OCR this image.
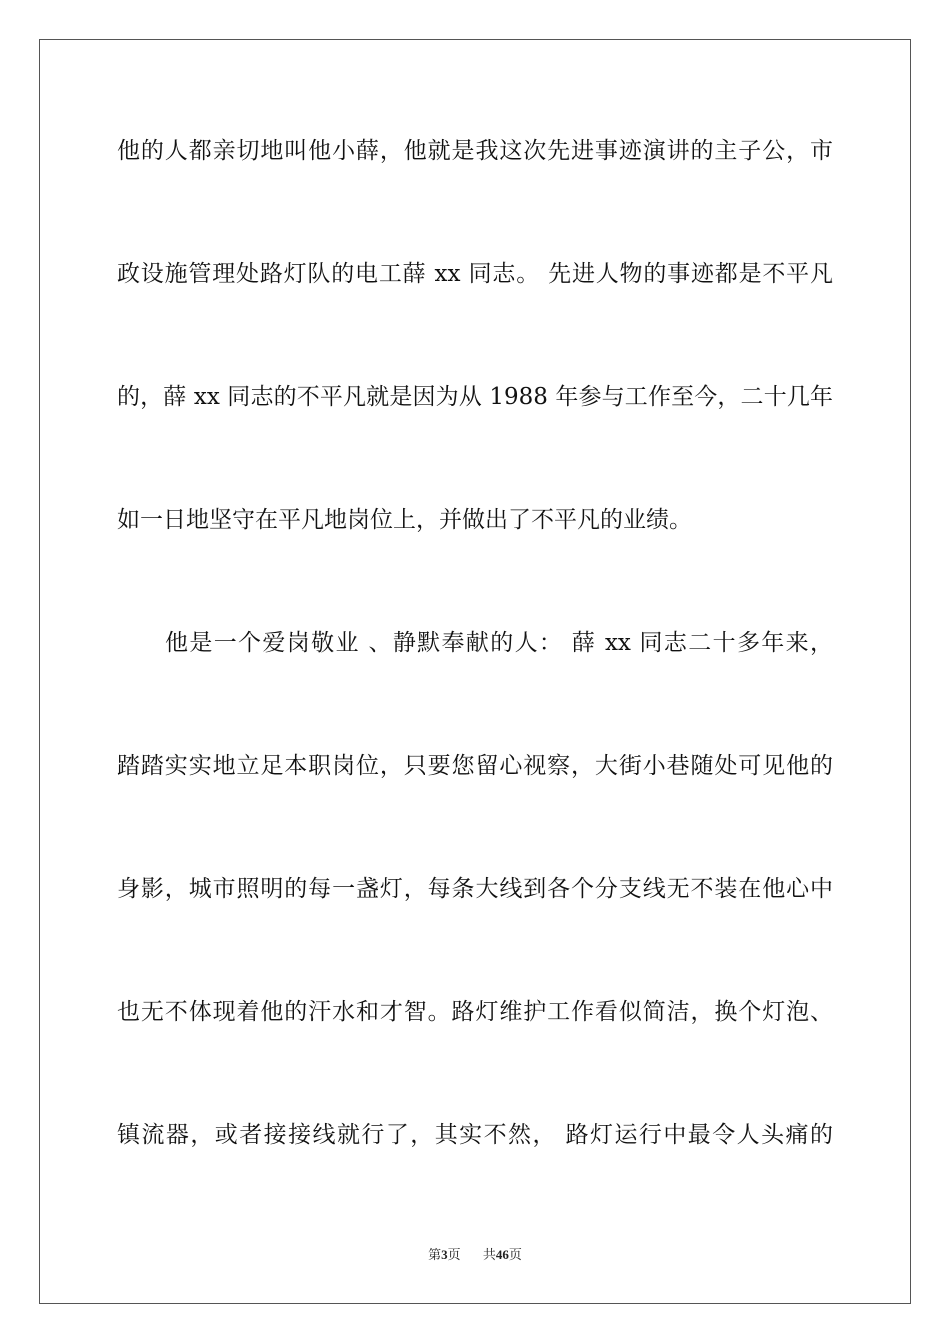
他的人都亲切地叫他小薛，他就是我这次先进事迹演讲的主子公，市
政设施管理处路灯队的电工薛 xx 同志。 先进人物的事迹都是不平凡
的，薛 xx 同志的不平凡就是因为从 1988 年参与工作至今，二十几年
如一日地坚守在平凡地岗位上，并做出了不平凡的业绩。
他是一个爱岗敬业 、静默奉献的人： 薛 xx 同志二十多年来，
踏踏实实地立足本职岗位，只要您留心视察，大街小巷随处可见他的
身影，城市照明的每一盏灯，每条大线到各个分支线无不装在他心中
也无不体现着他的汗水和才智。路灯维护工作看似简洁，换个灯泡、
镇流器，或者接接线就行了，其实不然， 路灯运行中最令人头痛的
第3页 共46页
